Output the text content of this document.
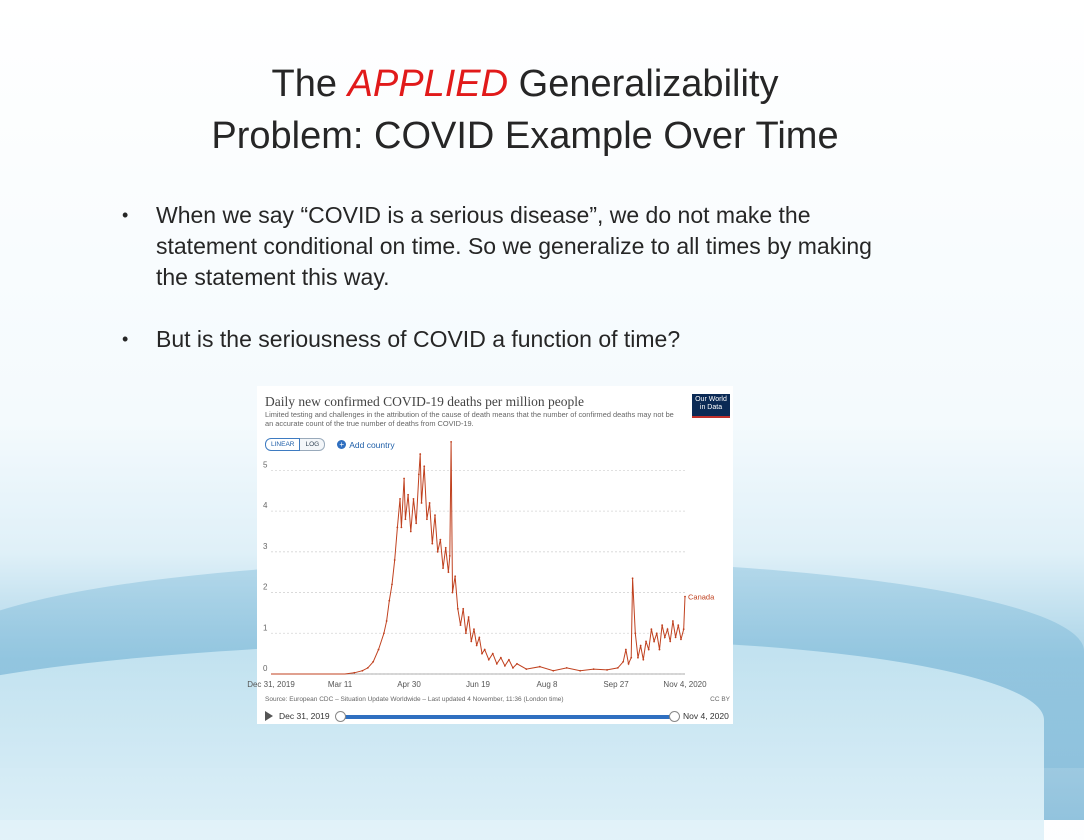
The APPLIED Generalizability
Problem: COVID Example Over Time
• When we say “COVID is a serious disease”, we do not make the statement conditional on time. So we generalize to all times by making the statement this way.
• But is the seriousness of COVID a function of time?
Daily new confirmed COVID-19 deaths per million people
Limited testing and challenges in the attribution of the cause of death means that the number of confirmed deaths may not be an accurate count of the true number of deaths from COVID-19.
Our World in Data
LINEAR	LOG	+ Add country
0
1
2
3
4
5
Dec 31, 2019	Mar 11	Apr 30	Jun 19	Aug 8	Sep 27	Nov 4, 2020
Canada
Source: European CDC – Situation Update Worldwide – Last updated 4 November, 11:36 (London time)	CC BY
Dec 31, 2019	Nov 4, 2020
